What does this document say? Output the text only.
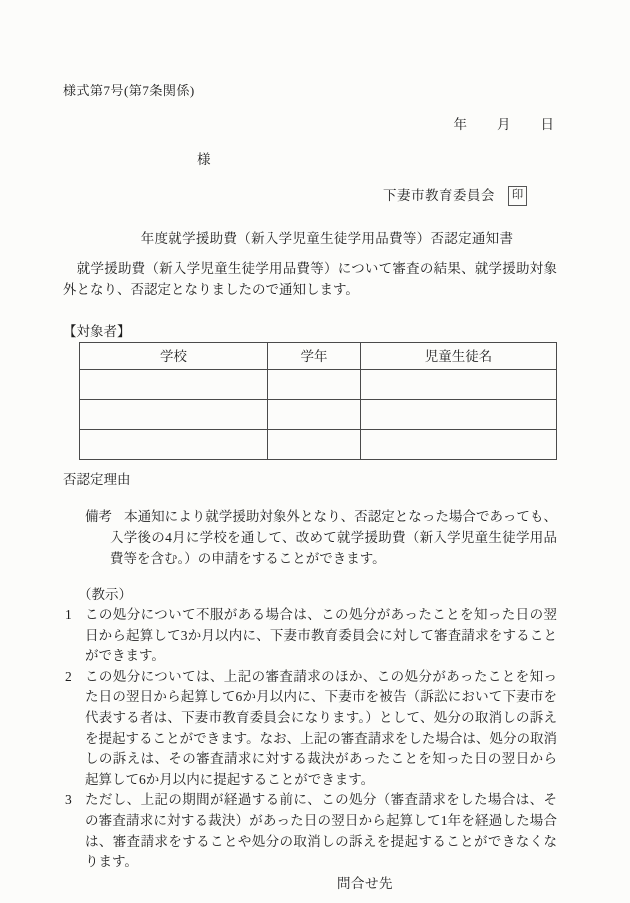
様式第7号(第7条関係)
年　　月　　日
様
下妻市教育委員会 印
年度就学援助費（新入学児童生徒学用品費等）否認定通知書
　就学援助費（新入学児童生徒学用品費等）について審査の結果、就学援助対象外となり、否認定となりましたので通知します。
【対象者】
学校	学年	児童生徒名

否認定理由
備考 本通知により就学援助対象外となり、否認定となった場合であっても、入学後の4月に学校を通して、改めて就学援助費（新入学児童生徒学用品費等を含む。）の申請をすることができます。
（教示）
1 この処分について不服がある場合は、この処分があったことを知った日の翌日から起算して3か月以内に、下妻市教育委員会に対して審査請求をすることができます。
2 この処分については、上記の審査請求のほか、この処分があったことを知った日の翌日から起算して6か月以内に、下妻市を被告（訴訟において下妻市を代表する者は、下妻市教育委員会になります。）として、処分の取消しの訴えを提起することができます。なお、上記の審査請求をした場合は、処分の取消しの訴えは、その審査請求に対する裁決があったことを知った日の翌日から起算して6か月以内に提起することができます。
3 ただし、上記の期間が経過する前に、この処分（審査請求をした場合は、その審査請求に対する裁決）があった日の翌日から起算して1年を経過した場合は、審査請求をすることや処分の取消しの訴えを提起することができなくなります。
問合せ先
